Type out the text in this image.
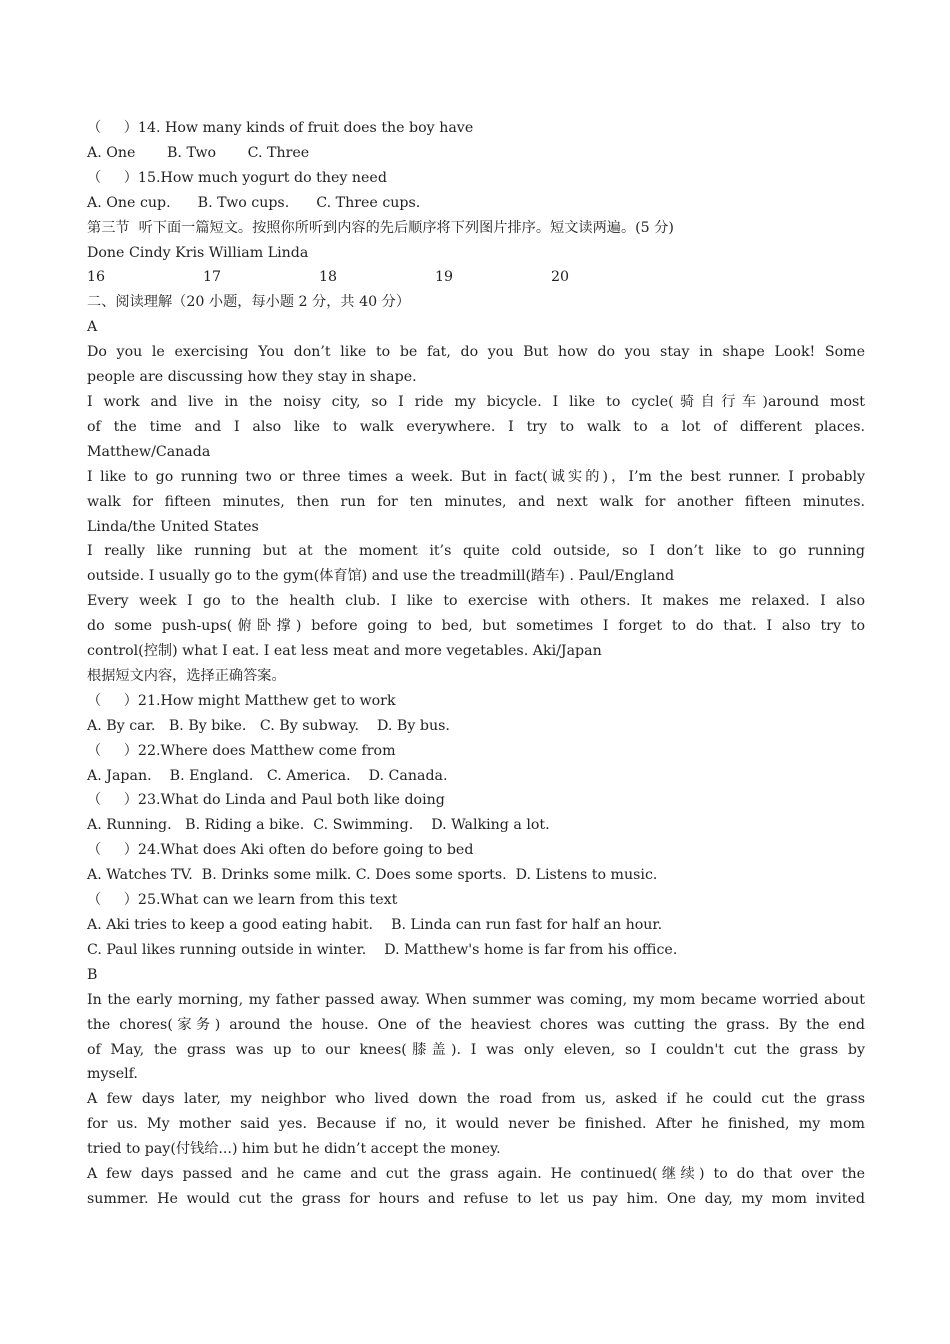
（     ）14. How many kinds of fruit does the boy have
A. One       B. Two       C. Three
（     ）15.How much yogurt do they need
A. One cup.      B. Two cups.      C. Three cups.
第三节  听下面一篇短文。按照你所听到内容的先后顺序将下列图片排序。短文读两遍。(5 分)
Done Cindy Kris William Linda
16	17	18	19	20
二、阅读理解（20 小题，每小题 2 分，共 40 分）
A
Do you le exercising You don’t like to be fat, do you But how do you stay in shape Look! Some
people are discussing how they stay in shape.
I work and live in the noisy city, so I ride my bicycle. I like to cycle(骑自行车)around most
of the time and I also like to walk everywhere. I try to walk to a lot of different places.
Matthew/Canada
I like to go running two or three times a week. But in fact(诚实的)，I’m the best runner. I probably
walk for fifteen minutes, then run for ten minutes, and next walk for another fifteen minutes.
Linda/the United States
I really like running but at the moment it’s quite cold outside, so I don’t like to go running
outside. I usually go to the gym(体育馆) and use the treadmill(踏车) . Paul/England
Every week I go to the health club. I like to exercise with others. It makes me relaxed. I also
do some push-ups(俯卧撑) before going to bed, but sometimes I forget to do that. I also try to
control(控制) what I eat. I eat less meat and more vegetables. Aki/Japan
根据短文内容，选择正确答案。
（     ）21.How might Matthew get to work
A. By car.   B. By bike.   C. By subway.    D. By bus.
（     ）22.Where does Matthew come from
A. Japan.    B. England.   C. America.    D. Canada.
（     ）23.What do Linda and Paul both like doing
A. Running.   B. Riding a bike.  C. Swimming.    D. Walking a lot.
（     ）24.What does Aki often do before going to bed
A. Watches TV.  B. Drinks some milk. C. Does some sports.  D. Listens to music.
（     ）25.What can we learn from this text
A. Aki tries to keep a good eating habit.    B. Linda can run fast for half an hour.
C. Paul likes running outside in winter.    D. Matthew's home is far from his office.
B
In the early morning, my father passed away. When summer was coming, my mom became worried about
the chores(家务) around the house. One of the heaviest chores was cutting the grass. By the end
of May, the grass was up to our knees(膝盖). I was only eleven, so I couldn't cut the grass by
myself.
A few days later, my neighbor who lived down the road from us, asked if he could cut the grass
for us. My mother said yes. Because if no, it would never be finished. After he finished, my mom
tried to pay(付钱给...) him but he didn’t accept the money.
A few days passed and he came and cut the grass again. He continued(继续) to do that over the
summer. He would cut the grass for hours and refuse to let us pay him. One day, my mom invited
